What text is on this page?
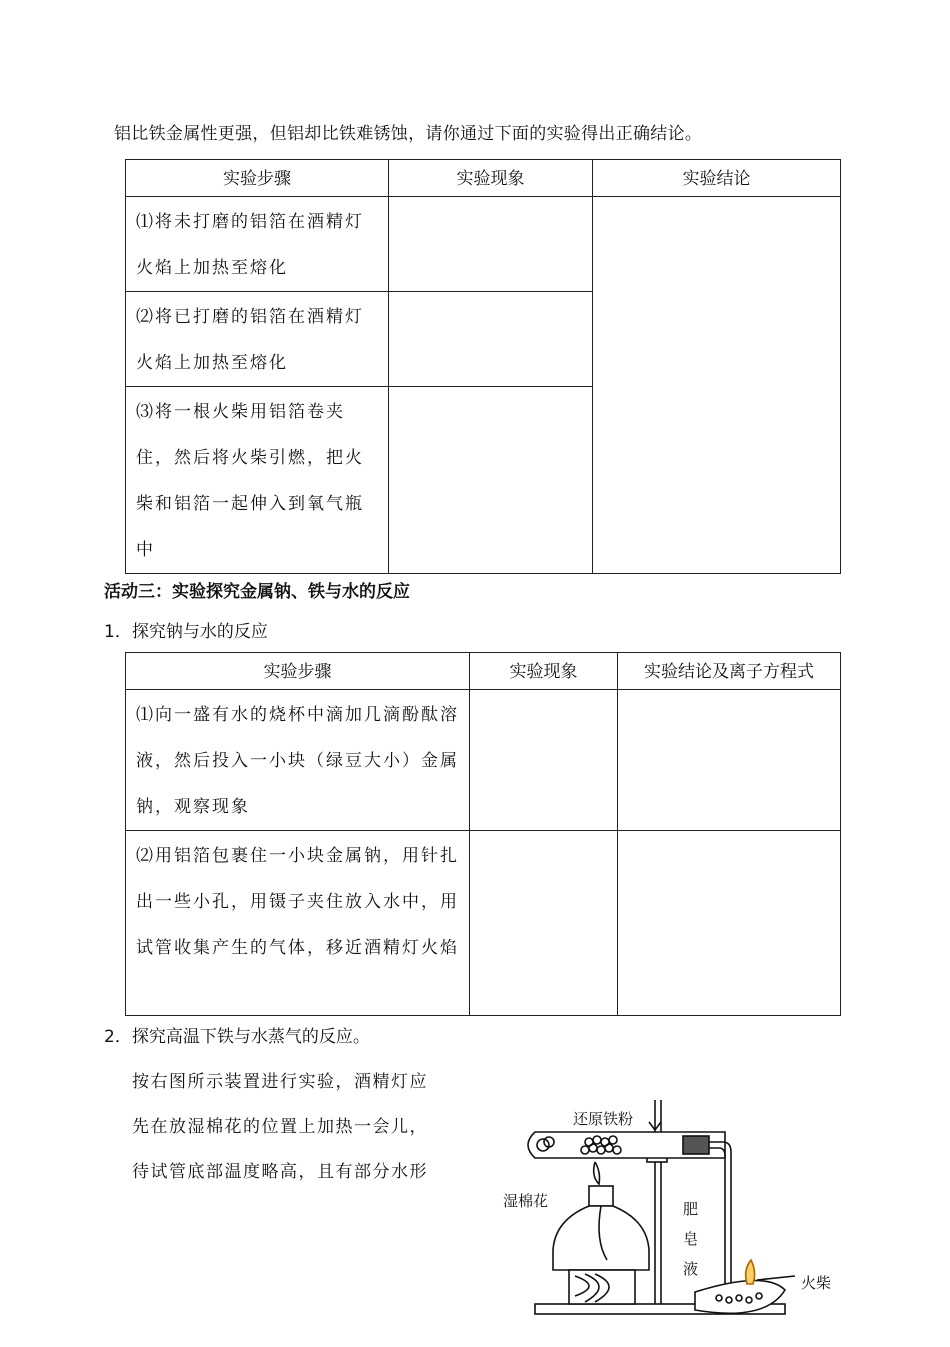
铝比铁金属性更强，但铝却比铁难锈蚀，请你通过下面的实验得出正确结论。
实验步骤	实验现象	实验结论
⑴将未打磨的铝箔在酒精灯火焰上加热至熔化		
⑵将已打磨的铝箔在酒精灯火焰上加热至熔化		
⑶将一根火柴用铝箔卷夹住，然后将火柴引燃，把火柴和铝箔一起伸入到氧气瓶中		
活动三：实验探究金属钠、铁与水的反应
1．探究钠与水的反应
实验步骤	实验现象	实验结论及离子方程式
⑴向一盛有水的烧杯中滴加几滴酚酞溶液，然后投入一小块（绿豆大小）金属钠，观察现象		
⑵用铝箔包裹住一小块金属钠，用针扎出一些小孔，用镊子夹住放入水中，用试管收集产生的气体，移近酒精灯火焰		
2．探究高温下铁与水蒸气的反应。
按右图所示装置进行实验，酒精灯应
先在放湿棉花的位置上加热一会儿，
待试管底部温度略高，且有部分水形
还原铁粉
湿棉花	肥
皂
液
火柴
